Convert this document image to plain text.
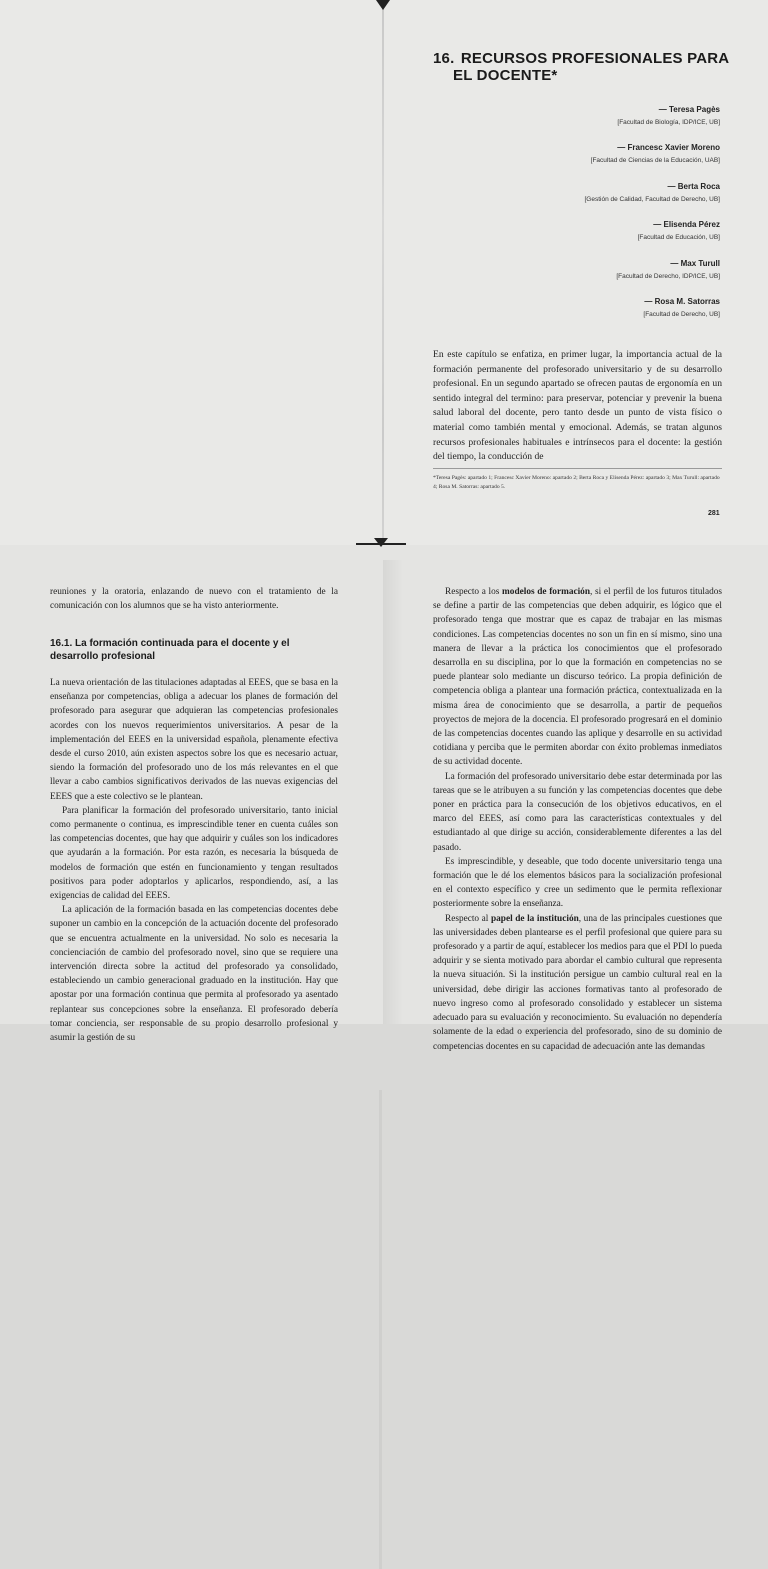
16. RECURSOS PROFESIONALES PARA
EL DOCENTE*
— Teresa Pagès
[Facultad de Biología, IDP/ICE, UB]
— Francesc Xavier Moreno
[Facultad de Ciencias de la Educación, UAB]
— Berta Roca
[Gestión de Calidad, Facultad de Derecho, UB]
— Elisenda Pérez
[Facultad de Educación, UB]
— Max Turull
[Facultad de Derecho, IDP/ICE, UB]
— Rosa M. Satorras
[Facultad de Derecho, UB]
En este capítulo se enfatiza, en primer lugar, la importancia actual de la formación permanente del profesorado universitario y de su desarrollo profesional. En un segundo apartado se ofrecen pautas de ergonomía en un sentido integral del termino: para preservar, potenciar y prevenir la buena salud laboral del docente, pero tanto desde un punto de vista físico o material como también mental y emocional. Además, se tratan algunos recursos profesionales habituales e intrínsecos para el docente: la gestión del tiempo, la conducción de
*Teresa Pagès: apartado 1; Francesc Xavier Moreno: apartado 2; Berta Roca y Elisenda Pérez: apartado 3; Max Turull: apartado 4; Rosa M. Satorras: apartado 5.
281

reuniones y la oratoria, enlazando de nuevo con el tratamiento de la comunicación con los alumnos que se ha visto anteriormente.

16.1. La formación continuada para el docente y el desarrollo profesional

La nueva orientación de las titulaciones adaptadas al EEES, que se basa en la enseñanza por competencias, obliga a adecuar los planes de formación del profesorado para asegurar que adquieran las competencias profesionales acordes con los nuevos requerimientos universitarios. A pesar de la implementación del EEES en la universidad española, plenamente efectiva desde el curso 2010, aún existen aspectos sobre los que es necesario actuar, siendo la formación del profesorado uno de los más relevantes en el que llevar a cabo cambios significativos derivados de las nuevas exigencias del EEES que a este colectivo se le plantean.

Para planificar la formación del profesorado universitario, tanto inicial como permanente o continua, es imprescindible tener en cuenta cuáles son las competencias docentes, que hay que adquirir y cuáles son los indicadores que ayudarán a la formación. Por esta razón, es necesaria la búsqueda de modelos de formación que estén en funcionamiento y tengan resultados positivos para poder adoptarlos y aplicarlos, respondiendo, así, a las exigencias de calidad del EEES.

La aplicación de la formación basada en las competencias docentes debe suponer un cambio en la concepción de la actuación docente del profesorado que se encuentra actualmente en la universidad. No solo es necesaria la concienciación de cambio del profesorado novel, sino que se requiere una intervención directa sobre la actitud del profesorado ya consolidado, estableciendo un cambio generacional graduado en la institución. Hay que apostar por una formación continua que permita al profesorado ya asentado replantear sus concepciones sobre la enseñanza. El profesorado debería tomar conciencia, ser responsable de su propio desarrollo profesional y asumir la gestión de su

Respecto a los modelos de formación, si el perfil de los futuros titulados se define a partir de las competencias que deben adquirir, es lógico que el profesorado tenga que mostrar que es capaz de trabajar en las mismas condiciones. Las competencias docentes no son un fin en sí mismo, sino una manera de llevar a la práctica los conocimientos que el profesorado desarrolla en su disciplina, por lo que la formación en competencias no se puede plantear solo mediante un discurso teórico. La propia definición de competencia obliga a plantear una formación práctica, contextualizada en la misma área de conocimiento que se desarrolla, a partir de pequeños proyectos de mejora de la docencia. El profesorado progresará en el dominio de las competencias docentes cuando las aplique y desarrolle en su actividad cotidiana y perciba que le permiten abordar con éxito problemas inmediatos de su actividad docente.

La formación del profesorado universitario debe estar determinada por las tareas que se le atribuyen a su función y las competencias docentes que debe poner en práctica para la consecución de los objetivos educativos, en el marco del EEES, así como para las características contextuales y del estudiantado al que dirige su acción, considerablemente diferentes a las del pasado.

Es imprescindible, y deseable, que todo docente universitario tenga una formación que le dé los elementos básicos para la socialización profesional en el contexto específico y cree un sedimento que le permita reflexionar posteriormente sobre la enseñanza.

Respecto al papel de la institución, una de las principales cuestiones que las universidades deben plantearse es el perfil profesional que quiere para su profesorado y a partir de aquí, establecer los medios para que el PDI lo pueda adquirir y se sienta motivado para abordar el cambio cultural que representa la nueva situación. Si la institución persigue un cambio cultural real en la universidad, debe dirigir las acciones formativas tanto al profesorado de nuevo ingreso como al profesorado consolidado y establecer un sistema adecuado para su evaluación y reconocimiento. Su evaluación no dependería solamente de la edad o experiencia del profesorado, sino de su dominio de competencias docentes en su capacidad de adecuación ante las demandas
